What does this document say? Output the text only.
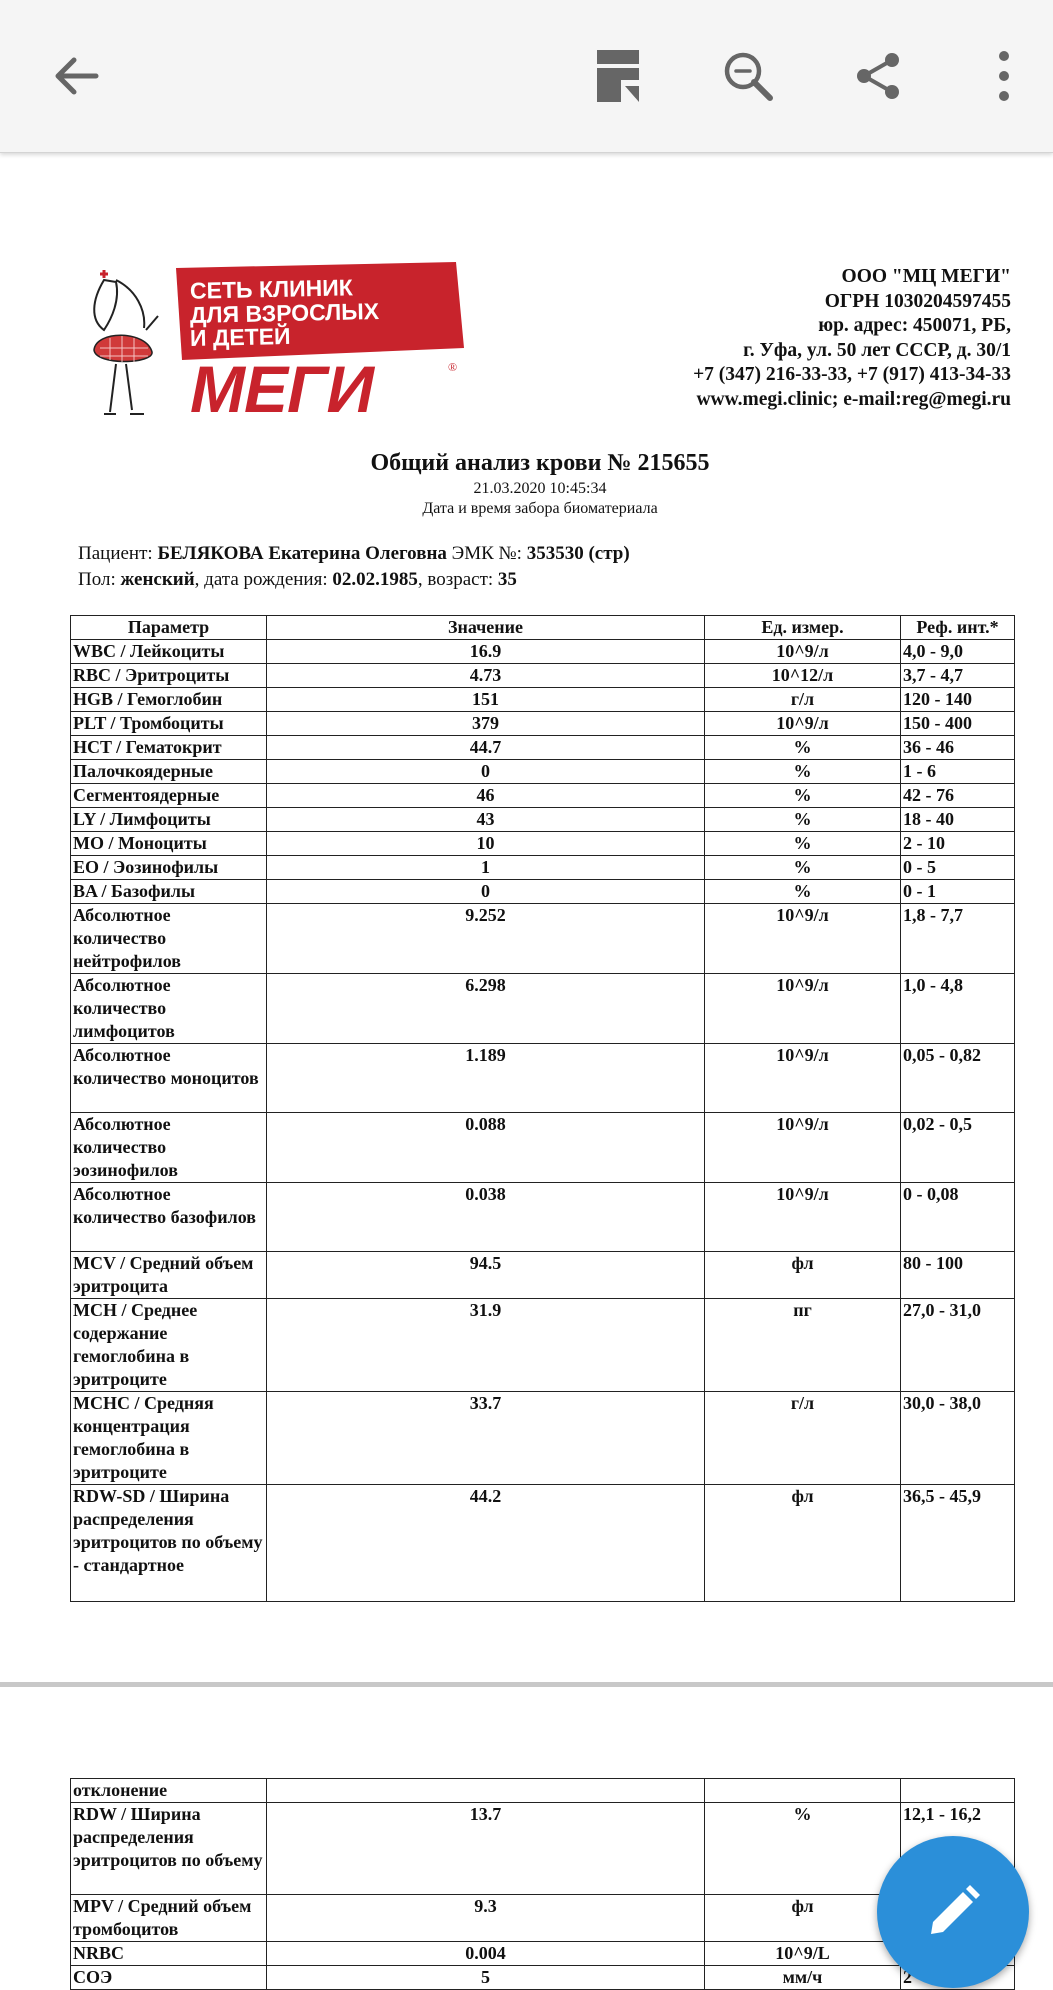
СЕТЬ КЛИНИК
ДЛЯ ВЗРОСЛЫХ
И ДЕТЕЙ
МЕГИ	®
ООО "МЦ МЕГИ"
ОГРН 1030204597455
юр. адрес: 450071, РБ,
г. Уфа, ул. 50 лет СССР, д. 30/1
+7 (347) 216-33-33, +7 (917) 413-34-33
www.megi.clinic; e-mail:reg@megi.ru
Общий анализ крови № 215655
21.03.2020 10:45:34
Дата и время забора биоматериала
Пациент: БЕЛЯКОВА Екатерина Олеговна ЭМК №: 353530 (стр)
Пол: женский, дата рождения: 02.02.1985, возраст: 35
Параметр	Значение	Ед. измер.	Реф. инт.*
WBC / Лейкоциты	16.9	10^9/л	4,0 - 9,0
RBC / Эритроциты	4.73	10^12/л	3,7 - 4,7
HGB / Гемоглобин	151	г/л	120 - 140
PLT / Тромбоциты	379	10^9/л	150 - 400
HCT / Гематокрит	44.7	%	36 - 46
Палочкоядерные	0	%	1 - 6
Сегментоядерные	46	%	42 - 76
LY / Лимфоциты	43	%	18 - 40
MO / Моноциты	10	%	2 - 10
EO / Эозинофилы	1	%	0 - 5
BA / Базофилы	0	%	0 - 1
Абсолютное количество нейтрофилов	9.252	10^9/л	1,8 - 7,7
Абсолютное количество лимфоцитов	6.298	10^9/л	1,0 - 4,8
Абсолютное количество моноцитов	1.189	10^9/л	0,05 - 0,82
Абсолютное количество эозинофилов	0.088	10^9/л	0,02 - 0,5
Абсолютное количество базофилов	0.038	10^9/л	0 - 0,08
MCV / Средний объем эритроцита	94.5	фл	80 - 100
MCH / Среднее содержание гемоглобина в эритроците	31.9	пг	27,0 - 31,0
MCHC / Средняя концентрация гемоглобина в эритроците	33.7	г/л	30,0 - 38,0
RDW-SD / Ширина распределения эритроцитов по объему - стандартное	44.2	фл	36,5 - 45,9
отклонение			
RDW / Ширина распределения эритроцитов по объему	13.7	%	12,1 - 16,2
MPV / Средний объем тромбоцитов	9.3	фл	
NRBC	0.004	10^9/L	
СОЭ	5	мм/ч	2
